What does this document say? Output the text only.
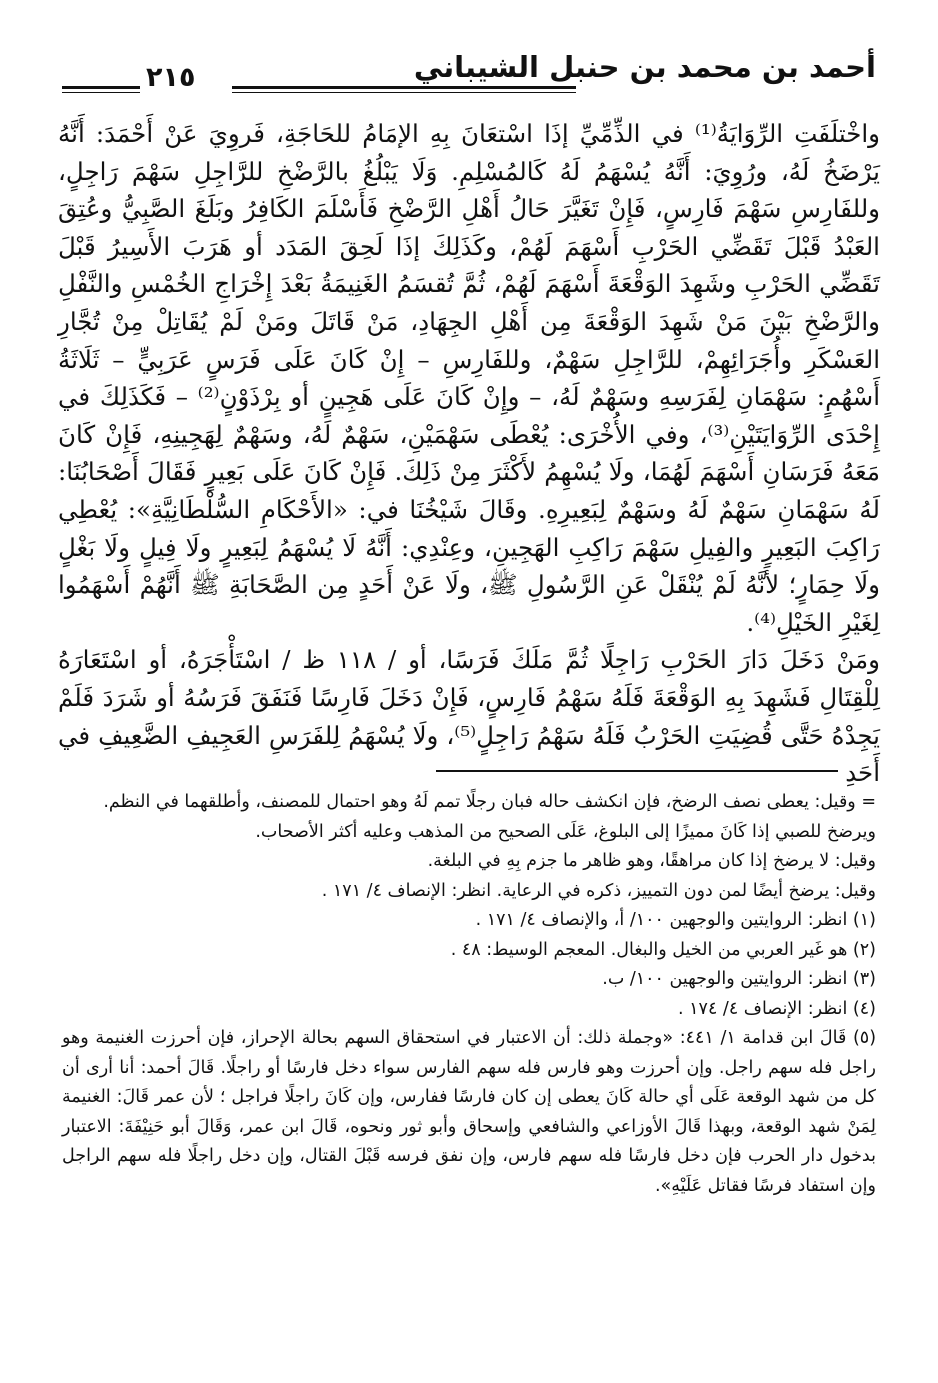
أحمد بن محمد بن حنبل الشيباني
٢١٥

واخْتلَفَتِ الرِّوَايَةُ⁽¹⁾ في الذِّمِّيِّ إذَا اسْتعَانَ بِهِ الإمَامُ للحَاجَةِ، فَروِيَ عَنْ أَحْمَدَ: أَنَّهُ يَرْضَخُ لَهُ، ورُوِيَ: أَنَّهُ يُسْهَمُ لَهُ كَالمُسْلِمِ. وَلَا يَبْلُغُ بالرَّضْخِ للرَّاجِلِ سَهْمَ رَاجِلٍ، وللفَارِسِ سَهْمَ فَارِسٍ، فَإِنْ تَغَيَّرَ حَالُ أَهْلِ الرَّضْخِ فَأَسْلَمَ الكَافِرُ وبَلَغَ الصَّبِيُّ وعُتِقَ العَبْدُ قَبْلَ تَقَضِّي الحَرْبِ أَسْهَمَ لَهُمْ، وكَذَلِكَ إذَا لَحِقَ المَدَد أو هَرَبَ الأَسِيرُ قَبْلَ تَقَضِّي الحَرْبِ وشَهِدَ الوَقْعَةَ أَسْهَمَ لَهُمْ، ثُمَّ تُقسَمُ الغَنِيمَةُ بَعْدَ إِخْرَاجِ الخُمْسِ والنَّفْلِ والرَّضْخِ بَيْنَ مَنْ شَهِدَ الوَقْعَةَ مِن أَهْلِ الجِهَادِ، مَنْ قَاتَلَ ومَنْ لَمْ يُقَاتِلْ مِنْ تُجَّارِ العَسْكَرِ وأُجَرَائِهِمْ، للرَّاجِلِ سَهْمٌ، وللفَارِسِ – إِنْ كَانَ عَلَى فَرَسٍ عَرَبِيٍّ – ثَلَاثَةُ أَسْهُمٍ: سَهْمَانِ لِفَرَسِهِ وسَهْمٌ لَهُ، – وإِنْ كَانَ عَلَى هَجِينٍ أو بِرْذَوْنٍ⁽²⁾ – فَكَذَلِكَ في إِحْدَى الرِّوَايَتَيْنِ⁽³⁾، وفي الأُخْرَى: يُعْطَى سَهْمَيْنِ، سَهْمٌ لَهُ، وسَهْمٌ لِهَجِينِهِ، فَإِنْ كَانَ مَعَهُ فَرَسَانِ أَسْهَمَ لَهُمَا، ولَا يُسْهِمُ لأَكْثَرَ مِنْ ذَلِكَ. فَإِنْ كَانَ عَلَى بَعِيرٍ فَقَالَ أَصْحَابُنَا: لَهُ سَهْمَانِ سَهْمٌ لَهُ وسَهْمٌ لِبَعِيرِهِ. وقَالَ شَيْخُنَا في: «الأَحْكَامِ السُّلْطَانِيَّةِ»: يُعْطِي رَاكِبَ البَعِيرِ والفِيلِ سَهْمَ رَاكِبِ الهَجِينِ، وعِنْدِي: أَنَّهُ لَا يُسْهَمُ لِبَعِيرٍ ولَا فِيلٍ ولَا بَغْلٍ ولَا حِمَارٍ؛ لأَنَّهُ لَمْ يُنْقَلْ عَنِ الرَّسُولِ ﷺ، ولَا عَنْ أَحَدٍ مِن الصَّحَابَةِ ﷺ أَنَّهُمْ أَسْهَمُوا لِغَيْرِ الخَيْلِ⁽⁴⁾.

ومَنْ دَخَلَ دَارَ الحَرْبِ رَاجِلًا ثُمَّ مَلَكَ فَرَسًا، أو / ١١٨ ظ / اسْتَأْجَرَهُ، أو اسْتَعَارَهُ لِلْقِتَالِ فَشَهِدَ بِهِ الوَقْعَةَ فَلَهُ سَهْمُ فَارِسٍ، فَإِنْ دَخَلَ فَارِسًا فَنَفَقَ فَرَسُهُ أو شَرَدَ فَلَمْ يَجِدْهُ حَتَّى قُضِيَتِ الحَرْبُ فَلَهُ سَهْمُ رَاجِلٍ⁽⁵⁾، ولَا يُسْهَمُ لِلفَرَسِ العَجِيفِ الضَّعِيفِ في أَحَدِ

= وقيل: يعطى نصف الرضخ، فإن انكشف حاله فبان رجلًا تمم لَهُ وهو احتمال للمصنف، وأطلقهما في النظم.

ويرضخ للصبي إذا كَانَ مميزًا إلى البلوغ، عَلَى الصحيح من المذهب وعليه أكثر الأصحاب.

وقيل: لا يرضخ إذا كان مراهقًا، وهو ظاهر ما جزم بِهِ في البلغة.

وقيل: يرضخ أيضًا لمن دون التمييز، ذكره في الرعاية. انظر: الإنصاف ٤/ ١٧١ .

(١) انظر: الروايتين والوجهين ١٠٠/ أ، والإنصاف ٤/ ١٧١ .

(٢) هو غَير العربي من الخيل والبغال. المعجم الوسيط: ٤٨ .

(٣) انظر: الروايتين والوجهين ١٠٠/ ب.

(٤) انظر: الإنصاف ٤/ ١٧٤ .

(٥) قَالَ ابن قدامة ١/ ٤٤١: «وجملة ذلك: أن الاعتبار في استحقاق السهم بحالة الإحراز، فإن أحرزت الغنيمة وهو راجل فله سهم راجل. وإن أحرزت وهو فارس فله سهم الفارس سواء دخل فارسًا أو راجلًا. قَالَ أحمد: أنا أرى أن كل من شهد الوقعة عَلَى أي حالة كَانَ يعطى إن كان فارسًا ففارس، وإن كَانَ راجلًا فراجل ؛ لأن عمر قَالَ: الغنيمة لِمَنْ شهد الوقعة، وبهذا قَالَ الأوزاعي والشافعي وإسحاق وأبو ثور ونحوه، قَالَ ابن عمر، وَقَالَ أبو حَنِيْفَةَ: الاعتبار بدخول دار الحرب فإن دخل فارسًا فله سهم فارس، وإن نفق فرسه قَبْلَ القتال، وإن دخل راجلًا فله سهم الراجل وإن استفاد فرسًا فقاتل عَلَيْهِ».
